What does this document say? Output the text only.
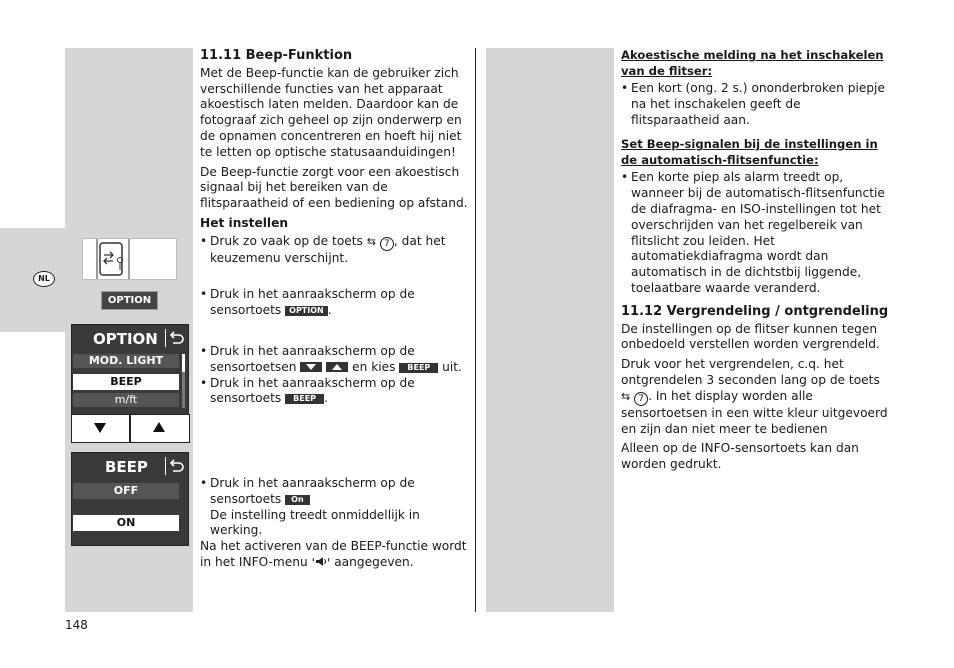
NL
OPTION
OPTION
MOD. LIGHT
BEEP
m/ft
BEEP
OFF
ON

11.11 Beep-Funktion

Met de Beep-functie kan de gebruiker zich verschillende functies van het apparaat akoestisch laten melden. Daardoor kan de fotograaf zich geheel op zijn onderwerp en de opnamen concentreren en hoeft hij niet te letten op optische statusaanduidingen!

De Beep-functie zorgt voor een akoestisch signaal bij het bereiken van de flitsparaatheid of een bediening op afstand.

Het instellen

• Druk zo vaak op de toets ⇆ 7 , dat het keuzemenu verschijnt.

• Druk in het aanraakscherm op de sensortoets OPTION .

• Druk in het aanraakscherm op de sensortoetsen
	en kies BEEP uit.

• Druk in het aanraakscherm op de sensortoets BEEP .

• Druk in het aanraakscherm op de sensortoets On
De instelling treedt onmiddellijk in werking.

Na het activeren van de BEEP-functie wordt in het INFO-menu ' ' aangegeven.

Akoestische melding na het inschakelen van de flitser:

• Een kort (ong. 2 s.) ononderbroken piepje na het inschakelen geeft de flitsparaatheid aan.

Set Beep-signalen bij de instellingen in de automatisch-flitsenfunctie:

• Een korte piep als alarm treedt op, wanneer bij de automatisch-flitsenfunctie de diafragma- en ISO-instellingen tot het overschrijden van het regelbereik van flitslicht zou leiden. Het automatiekdiafragma wordt dan automatisch in de dichtstbij liggende, toelaatbare waarde veranderd.

11.12 Vergrendeling / ontgrendeling

De instellingen op de flitser kunnen tegen onbedoeld verstellen worden vergrendeld.

Druk voor het vergrendelen, c.q. het ontgrendelen 3 seconden lang op de toets ⇆ 7 . In het display worden alle sensortoetsen in een witte kleur uitgevoerd en zijn dan niet meer te bedienen

Alleen op de INFO-sensortoets kan dan worden gedrukt.

148
